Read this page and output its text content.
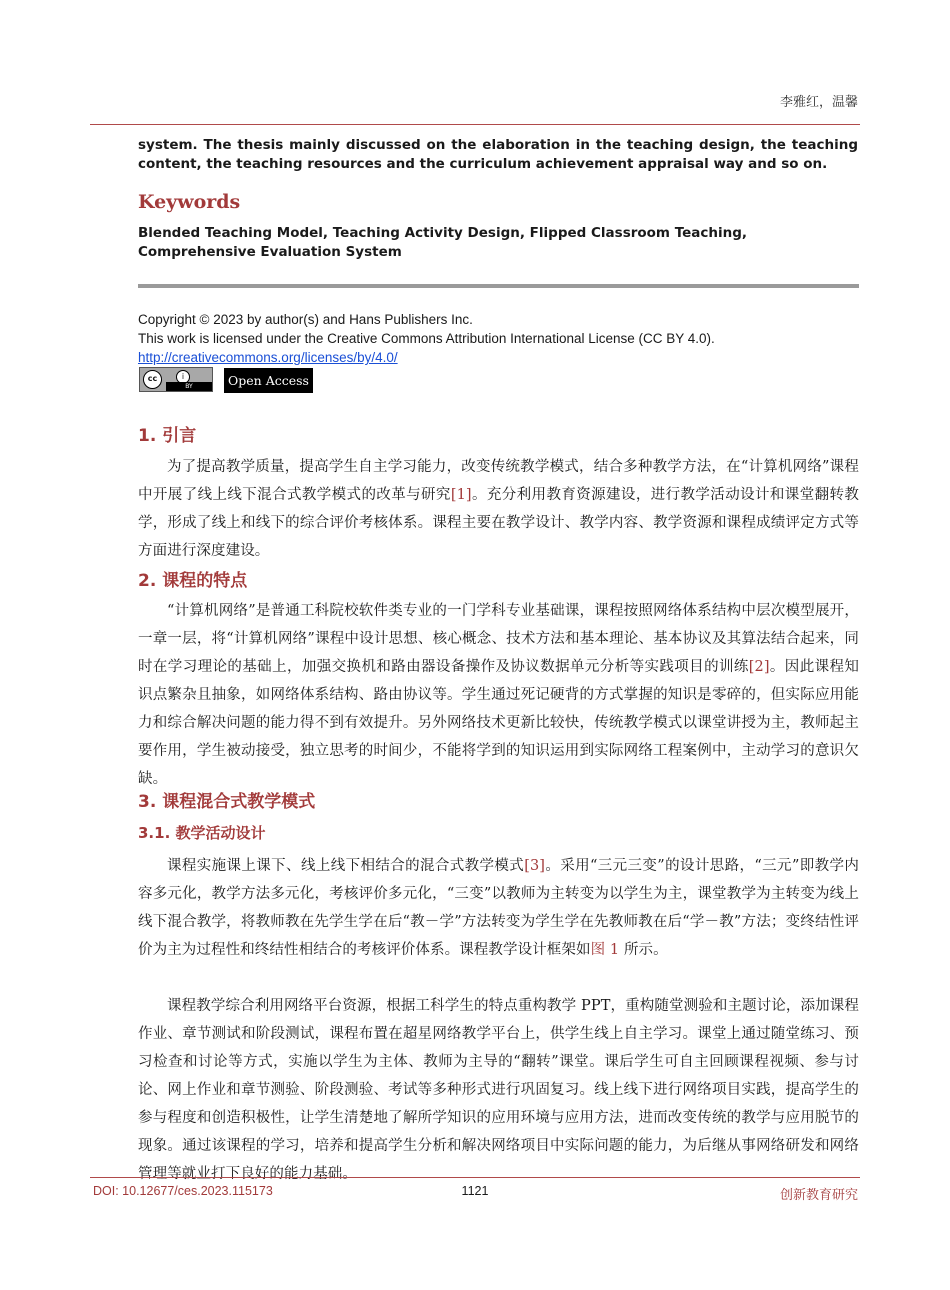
李雅红，温馨
system. The thesis mainly discussed on the elaboration in the teaching design, the teaching content, the teaching resources and the curriculum achievement appraisal way and so on.
Keywords
Blended Teaching Model, Teaching Activity Design, Flipped Classroom Teaching, Comprehensive Evaluation System
Copyright © 2023 by author(s) and Hans Publishers Inc.
This work is licensed under the Creative Commons Attribution International License (CC BY 4.0).
http://creativecommons.org/licenses/by/4.0/
cc	i
BY	Open Access
1. 引言
为了提高教学质量，提高学生自主学习能力，改变传统教学模式，结合多种教学方法，在“计算机网络”课程中开展了线上线下混合式教学模式的改革与研究[1]。充分利用教育资源建设，进行教学活动设计和课堂翻转教学，形成了线上和线下的综合评价考核体系。课程主要在教学设计、教学内容、教学资源和课程成绩评定方式等方面进行深度建设。
2. 课程的特点
“计算机网络”是普通工科院校软件类专业的一门学科专业基础课，课程按照网络体系结构中层次模型展开，一章一层，将“计算机网络”课程中设计思想、核心概念、技术方法和基本理论、基本协议及其算法结合起来，同时在学习理论的基础上，加强交换机和路由器设备操作及协议数据单元分析等实践项目的训练[2]。因此课程知识点繁杂且抽象，如网络体系结构、路由协议等。学生通过死记硬背的方式掌握的知识是零碎的，但实际应用能力和综合解决问题的能力得不到有效提升。另外网络技术更新比较快，传统教学模式以课堂讲授为主，教师起主要作用，学生被动接受，独立思考的时间少，不能将学到的知识运用到实际网络工程案例中，主动学习的意识欠缺。
3. 课程混合式教学模式
3.1. 教学活动设计
课程实施课上课下、线上线下相结合的混合式教学模式[3]。采用“三元三变”的设计思路，“三元”即教学内容多元化，教学方法多元化，考核评价多元化，“三变”以教师为主转变为以学生为主，课堂教学为主转变为线上线下混合教学，将教师教在先学生学在后“教－学”方法转变为学生学在先教师教在后“学－教”方法；变终结性评价为主为过程性和终结性相结合的考核评价体系。课程教学设计框架如图 1 所示。
课程教学综合利用网络平台资源，根据工科学生的特点重构教学 PPT，重构随堂测验和主题讨论，添加课程作业、章节测试和阶段测试，课程布置在超星网络教学平台上，供学生线上自主学习。课堂上通过随堂练习、预习检查和讨论等方式，实施以学生为主体、教师为主导的“翻转”课堂。课后学生可自主回顾课程视频、参与讨论、网上作业和章节测验、阶段测验、考试等多种形式进行巩固复习。线上线下进行网络项目实践，提高学生的参与程度和创造积极性，让学生清楚地了解所学知识的应用环境与应用方法，进而改变传统的教学与应用脱节的现象。通过该课程的学习，培养和提高学生分析和解决网络项目中实际问题的能力，为后继从事网络研发和网络管理等就业打下良好的能力基础。
DOI: 10.12677/ces.2023.115173	1121	创新教育研究
